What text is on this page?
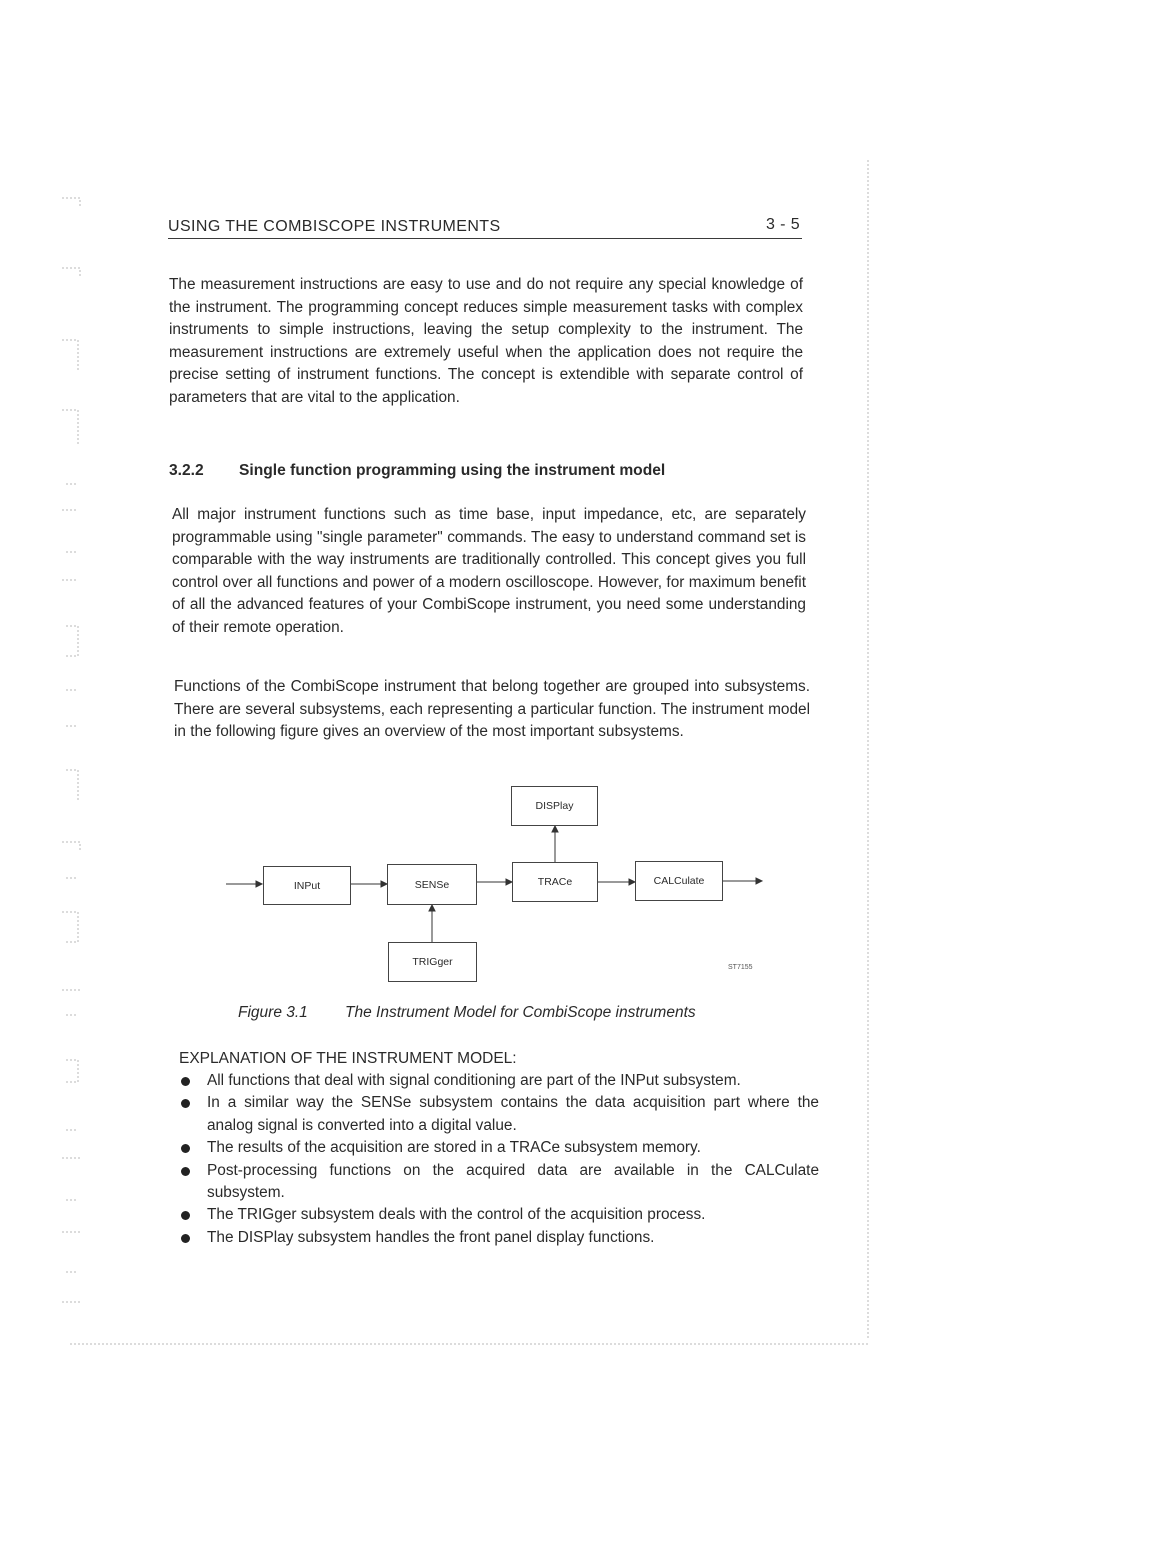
USING THE COMBISCOPE INSTRUMENTS	3 - 5

The measurement instructions are easy to use and do not require any special knowledge of the instrument. The programming concept reduces simple measurement tasks with complex instruments to simple instructions, leaving the setup complexity to the instrument. The measurement instructions are extremely useful when the application does not require the precise setting of instrument functions. The concept is extendible with separate control of parameters that are vital to the application.

3.2.2 Single function programming using the instrument model

All major instrument functions such as time base, input impedance, etc, are separately programmable using "single parameter" commands. The easy to understand command set is comparable with the way instruments are traditionally controlled. This concept gives you full control over all functions and power of a modern oscilloscope. However, for maximum benefit of all the advanced features of your CombiScope instrument, you need some understanding of their remote operation.

Functions of the CombiScope instrument that belong together are grouped into subsystems. There are several subsystems, each representing a particular function. The instrument model in the following figure gives an overview of the most important subsystems.

DISPlay
INPut	SENSe	TRACe	CALCulate
TRIGger	ST7155

Figure 3.1 The Instrument Model for CombiScope instruments

EXPLANATION OF THE INSTRUMENT MODEL:

All functions that deal with signal conditioning are part of the INPut subsystem.
In a similar way the SENSe subsystem contains the data acquisition part where the analog signal is converted into a digital value.
The results of the acquisition are stored in a TRACe subsystem memory.
Post-processing functions on the acquired data are available in the CALCulate subsystem.
The TRIGger subsystem deals with the control of the acquisition process.
The DISPlay subsystem handles the front panel display functions.
